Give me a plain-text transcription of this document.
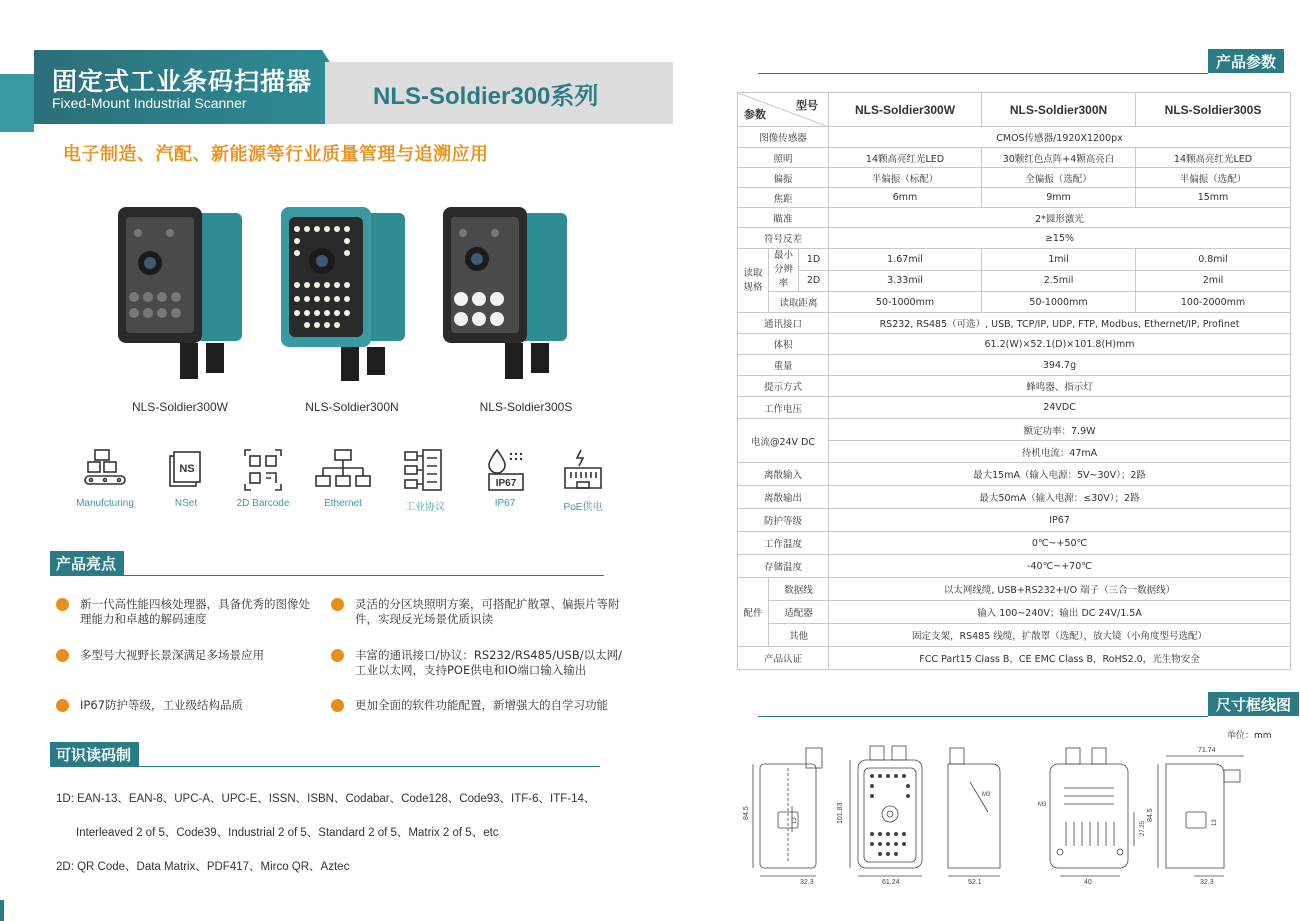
固定式工业条码扫描器
Fixed-Mount Industrial Scanner	NLS-Soldier300系列
电子制造、汽配、新能源等行业质量管理与追溯应用
NLS-Soldier300W	NLS-Soldier300N	NLS-Soldier300S
NS
IP67
Manufcturing	NSet	2D Barcode	Ethernet	工业协议	IP67	PoE供电
产品亮点
新一代高性能四核处理器，具备优秀的图像处理能力和卓越的解码速度
灵活的分区块照明方案，可搭配扩散罩、偏振片等附件，实现反光场景优质识读
多型号大视野长景深满足多场景应用	丰富的通讯接口/协议：RS232/RS485/USB/以太网/工业以太网，支持POE供电和IO端口输入输出
IP67防护等级，工业级结构品质	更加全面的软件功能配置，新增强大的自学习功能
可识读码制
1D: EAN-13、EAN-8、UPC-A、UPC-E、ISSN、ISBN、Codabar、Code128、Code93、ITF-6、ITF-14、
Interleaved 2 of 5、Code39、Industrial 2 of 5、Standard 2 of 5、Matrix 2 of 5、etc
2D: QR Code、Data Matrix、PDF417、Mirco QR、Aztec
产品参数
型号
参数			NLS-Soldier300W	NLS-Soldier300N	NLS-Soldier300S
图像传感器			CMOS传感器/1920X1200px		
照明			14颗高亮红光LED	30颗红色点阵+4颗高亮白	14颗高亮红光LED
偏振			半偏振（标配）	全偏振（选配）	半偏振（选配）
焦距			6mm	9mm	15mm
瞄准			2*圆形激光		
符号反差			≥15%		
读取规格	最小分辨率	1D	1.67mil	1mil	0.8mil
		2D	3.33mil	2.5mil	2mil
	读取距离		50-1000mm	50-1000mm	100-2000mm
通讯接口			RS232, RS485（可选）, USB, TCP/IP, UDP, FTP, Modbus, Ethernet/IP, Profinet		
体积			61.2(W)×52.1(D)×101.8(H)mm		
重量			394.7g		
提示方式			蜂鸣器、指示灯		
工作电压			24VDC		
电流@24V DC			额定功率：7.9W		
			待机电流：47mA		
离散输入			最大15mA（输入电源：5V~30V）；2路		
离散输出			最大50mA（输入电源：≤30V）；2路		
防护等级			IP67		
工作温度			0℃~+50℃		
存储温度			-40℃~+70℃		
配件	数据线		以太网线缆, USB+RS232+I/O 端子（三合一数据线）		
	适配器		输入 100~240V；输出 DC 24V/1.5A		
	其他		固定支架，RS485 线缆，扩散罩（选配），放大镜（小角度型号选配）		
产品认证			FCC Part15 Class B，CE EMC Class B，RoHS2.0，光生物安全		
尺寸框线图
单位：mm
84.5
32.3
13	101.83
61.24
M3
52.1
M3
27.25
40
71.74
84.5
13
32.3
